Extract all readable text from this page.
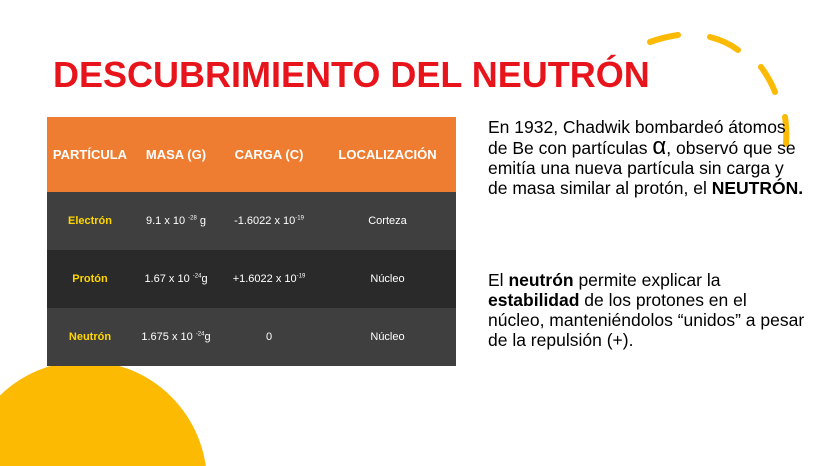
DESCUBRIMIENTO DEL NEUTRÓN
PARTÍCULA	MASA (G)	CARGA (C)	LOCALIZACIÓN
Electrón	9.1 x 10 $^{-28}$ g	-1.6022 x $10^{-19}$	Corteza
Protón	1.67 x 10 $^{-24}$g	+1.6022 x $10^{-19}$	Núcleo
Neutrón	1.675 x 10 $^{-24}$g	0	Núcleo
En 1932, Chadwik bombardeó átomos de Be con partículas α, observó que se emitía una nueva partícula sin carga y de masa similar al protón, el NEUTRÓN.
El neutrón permite explicar la estabilidad de los protones en el núcleo, manteniéndolos “unidos” a pesar de la repulsión (+).
